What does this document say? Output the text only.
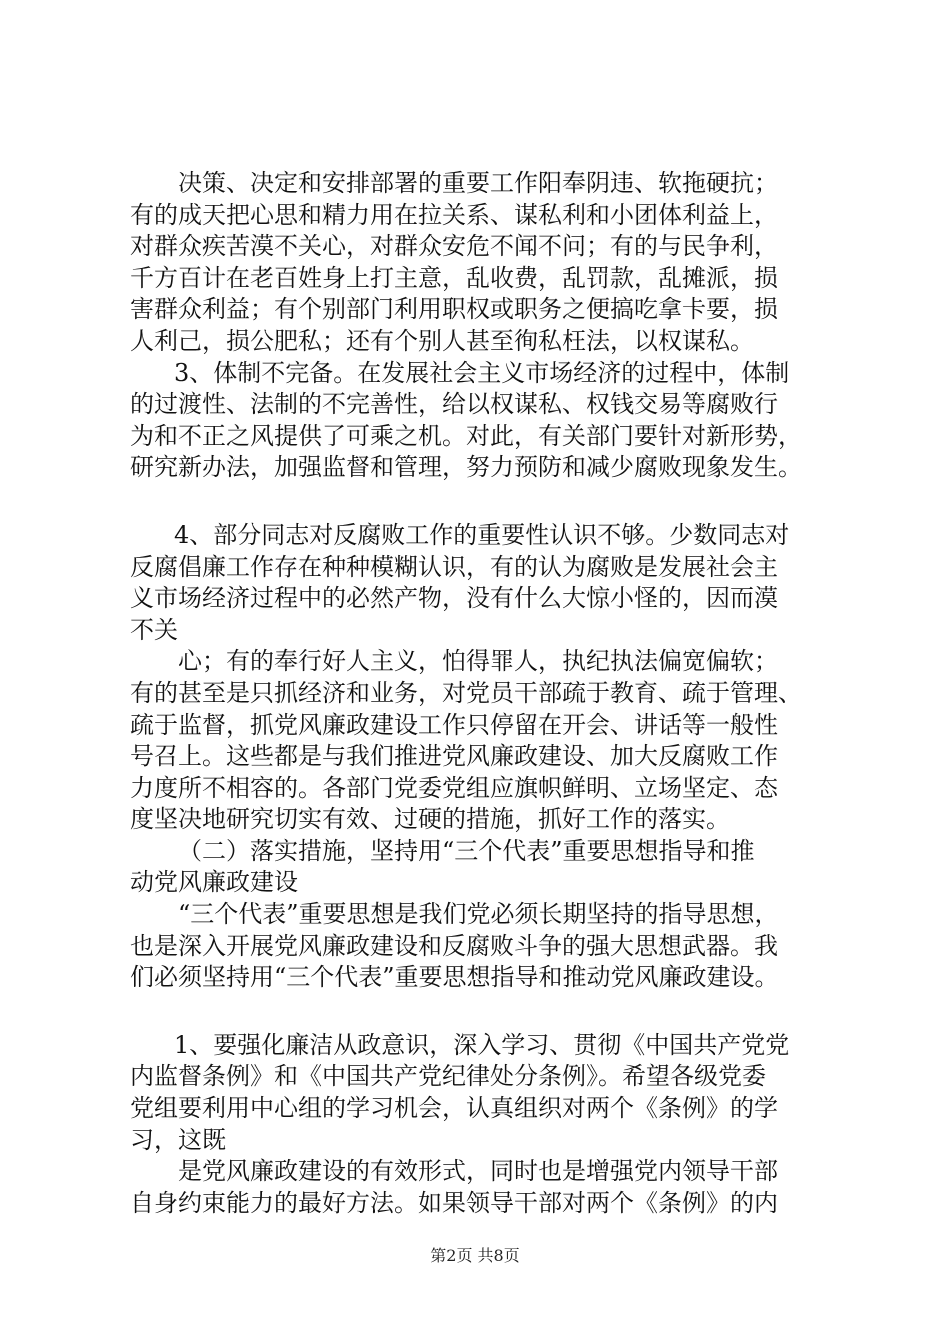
决策、决定和安排部署的重要工作阳奉阴违、软拖硬抗；
有的成天把心思和精力用在拉关系、谋私利和小团体利益上，
对群众疾苦漠不关心，对群众安危不闻不问；有的与民争利，
千方百计在老百姓身上打主意，乱收费，乱罚款，乱摊派，损
害群众利益；有个别部门利用职权或职务之便搞吃拿卡要，损
人利己，损公肥私；还有个别人甚至徇私枉法，以权谋私。
3、体制不完备。在发展社会主义市场经济的过程中，体制
的过渡性、法制的不完善性，给以权谋私、权钱交易等腐败行
为和不正之风提供了可乘之机。对此，有关部门要针对新形势，
研究新办法，加强监督和管理，努力预防和减少腐败现象发生。
4、部分同志对反腐败工作的重要性认识不够。少数同志对
反腐倡廉工作存在种种模糊认识，有的认为腐败是发展社会主
义市场经济过程中的必然产物，没有什么大惊小怪的，因而漠
不关
心；有的奉行好人主义，怕得罪人，执纪执法偏宽偏软；
有的甚至是只抓经济和业务，对党员干部疏于教育、疏于管理、
疏于监督，抓党风廉政建设工作只停留在开会、讲话等一般性
号召上。这些都是与我们推进党风廉政建设、加大反腐败工作
力度所不相容的。各部门党委党组应旗帜鲜明、立场坚定、态
度坚决地研究切实有效、过硬的措施，抓好工作的落实。
（二）落实措施，坚持用“三个代表”重要思想指导和推
动党风廉政建设
“三个代表”重要思想是我们党必须长期坚持的指导思想，
也是深入开展党风廉政建设和反腐败斗争的强大思想武器。我
们必须坚持用“三个代表”重要思想指导和推动党风廉政建设。
1、要强化廉洁从政意识，深入学习、贯彻《中国共产党党
内监督条例》和《中国共产党纪律处分条例》。希望各级党委
党组要利用中心组的学习机会，认真组织对两个《条例》的学
习，这既
是党风廉政建设的有效形式，同时也是增强党内领导干部
自身约束能力的最好方法。如果领导干部对两个《条例》的内
第2页 共8页
